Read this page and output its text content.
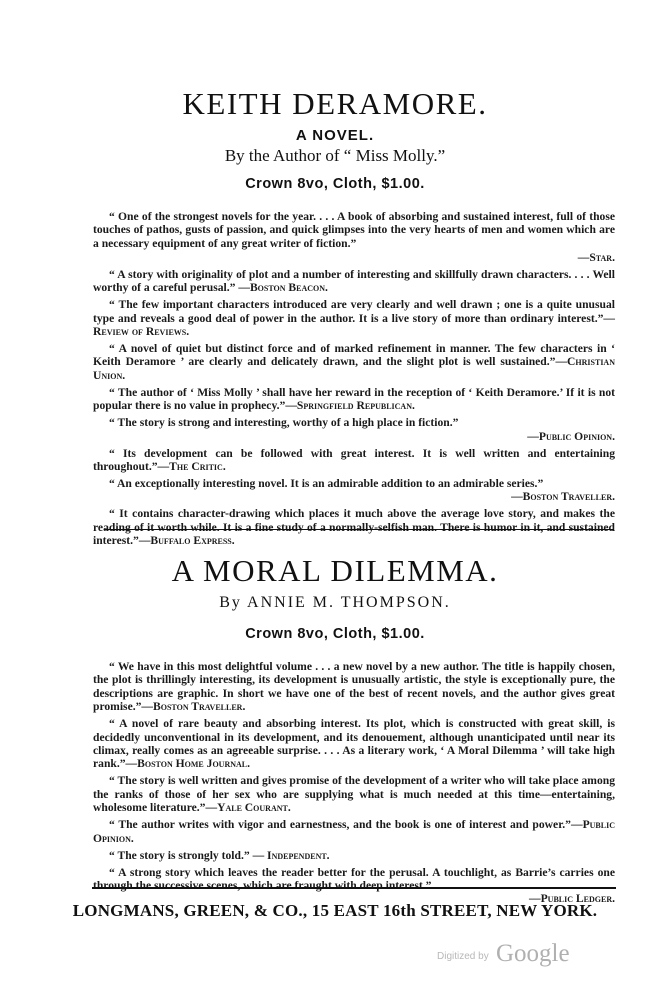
KEITH DERAMORE.
A NOVEL.
By the Author of “ Miss Molly.”
Crown 8vo, Cloth, $1.00.

“ One of the strongest novels for the year. . . . A book of absorbing and sustained interest, full of those touches of pathos, gusts of passion, and quick glimpses into the very hearts of men and women which are a necessary equipment of any great writer of fiction.”

—Star.

“ A story with originality of plot and a number of interesting and skillfully drawn characters. . . . Well worthy of a careful perusal.” —Boston Beacon.

“ The few important characters introduced are very clearly and well drawn ; one is a quite unusual type and reveals a good deal of power in the author. It is a live story of more than ordinary interest.”—Review of Reviews.

“ A novel of quiet but distinct force and of marked refinement in manner. The few characters in ‘ Keith Deramore ’ are clearly and delicately drawn, and the slight plot is well sustained.”—Christian Union.

“ The author of ‘ Miss Molly ’ shall have her reward in the reception of ‘ Keith Deramore.’ If it is not popular there is no value in prophecy.”—Springfield Republican.

“ The story is strong and interesting, worthy of a high place in fiction.”

—Public Opinion.

“ Its development can be followed with great interest. It is well written and entertaining throughout.”—The Critic.

“ An exceptionally interesting novel. It is an admirable addition to an admirable series.”

—Boston Traveller.

“ It contains character-drawing which places it much above the average love story, and makes the reading of it worth while. It is a fine study of a normally-selfish man. There is humor in it, and sustained interest.”—Buffalo Express.

A MORAL DILEMMA.
By ANNIE M. THOMPSON.
Crown 8vo, Cloth, $1.00.

“ We have in this most delightful volume . . . a new novel by a new author. The title is happily chosen, the plot is thrillingly interesting, its development is unusually artistic, the style is exceptionally pure, the descriptions are graphic. In short we have one of the best of recent novels, and the author gives great promise.”—Boston Traveller.

“ A novel of rare beauty and absorbing interest. Its plot, which is constructed with great skill, is decidedly unconventional in its development, and its denouement, although unanticipated until near its climax, really comes as an agreeable surprise. . . . As a literary work, ‘ A Moral Dilemma ’ will take high rank.”—Boston Home Journal.

“ The story is well written and gives promise of the development of a writer who will take place among the ranks of those of her sex who are supplying what is much needed at this time—entertaining, wholesome literature.”—Yale Courant.

“ The author writes with vigor and earnestness, and the book is one of interest and power.”—Public Opinion.

“ The story is strongly told.” — Independent.

“ A strong story which leaves the reader better for the perusal. A touchlight, as Barrie’s carries one through the successive scenes, which are fraught with deep interest.”

—Public Ledger.

LONGMANS, GREEN, & CO., 15 EAST 16th STREET, NEW YORK.
Digitized by Google
